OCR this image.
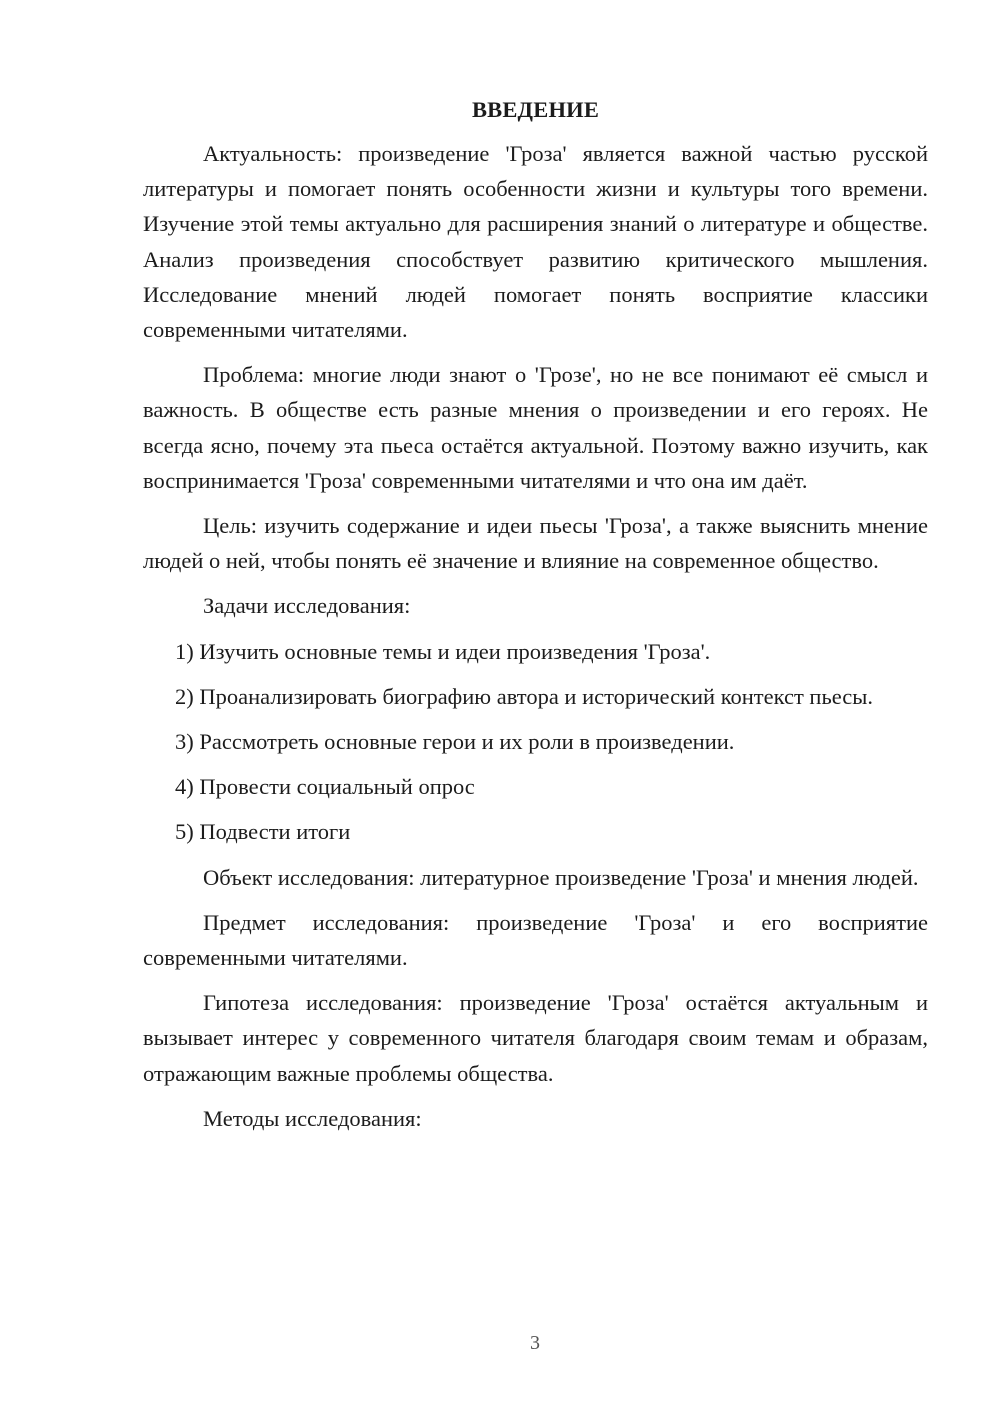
ВВЕДЕНИЕ

Актуальность: произведение 'Гроза' является важной частью русской литературы и помогает понять особенности жизни и культуры того времени. Изучение этой темы актуально для расширения знаний о литературе и обществе. Анализ произведения способствует развитию критического мышления. Исследование мнений людей помогает понять восприятие классики современными читателями.

Проблема: многие люди знают о 'Грозе', но не все понимают её смысл и важность. В обществе есть разные мнения о произведении и его героях. Не всегда ясно, почему эта пьеса остаётся актуальной. Поэтому важно изучить, как воспринимается 'Гроза' современными читателями и что она им даёт.

Цель: изучить содержание и идеи пьесы 'Гроза', а также выяснить мнение людей о ней, чтобы понять её значение и влияние на современное общество.

Задачи исследования:

1) Изучить основные темы и идеи произведения 'Гроза'.

2) Проанализировать биографию автора и исторический контекст пьесы.

3) Рассмотреть основные герои и их роли в произведении.

4) Провести социальный опрос

5) Подвести итоги

Объект исследования: литературное произведение 'Гроза' и мнения людей.

Предмет исследования: произведение 'Гроза' и его восприятие современными читателями.

Гипотеза исследования: произведение 'Гроза' остаётся актуальным и вызывает интерес у современного читателя благодаря своим темам и образам, отражающим важные проблемы общества.

Методы исследования:

3
